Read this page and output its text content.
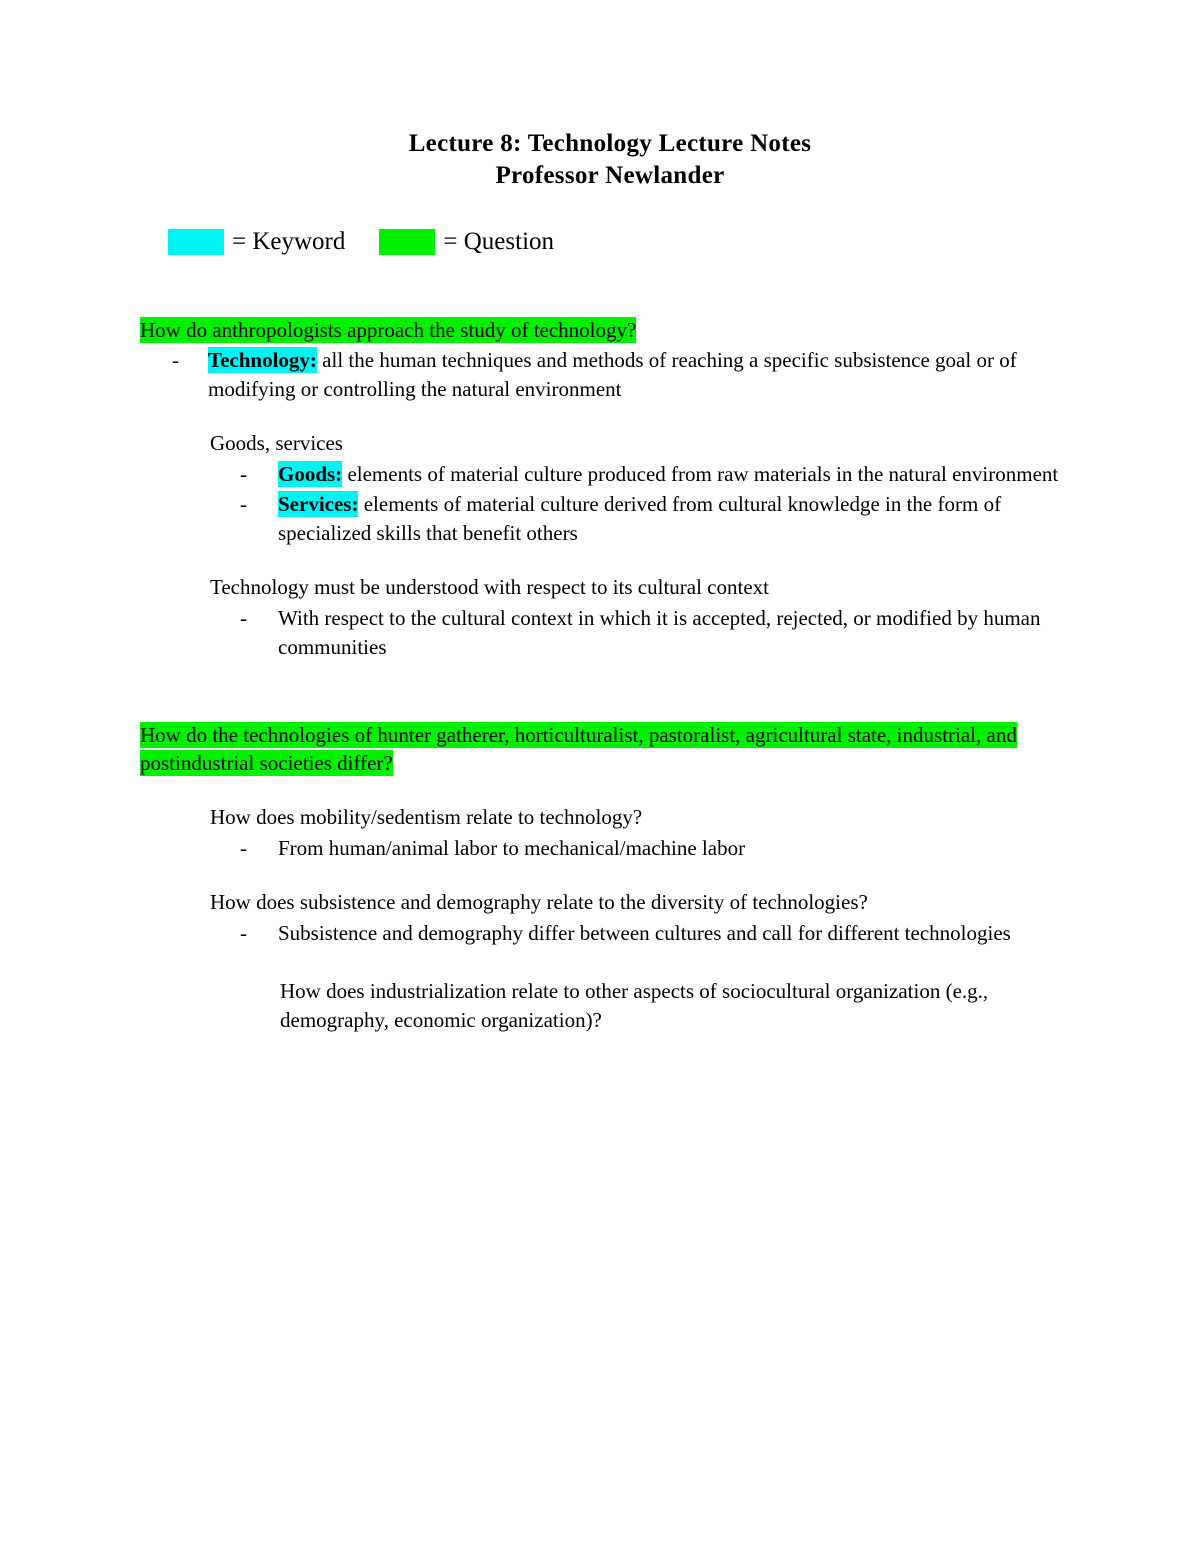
Lecture 8: Technology Lecture Notes
Professor Newlander
= Keyword	= Question
How do anthropologists approach the study of technology?
-	Technology: all the human techniques and methods of reaching a specific subsistence goal or of modifying or controlling the natural environment
Goods, services
-	Goods: elements of material culture produced from raw materials in the natural environment
-	Services: elements of material culture derived from cultural knowledge in the form of specialized skills that benefit others
Technology must be understood with respect to its cultural context
-	With respect to the cultural context in which it is accepted, rejected, or modified by human communities
How do the technologies of hunter gatherer, horticulturalist, pastoralist, agricultural state, industrial, and postindustrial societies differ?
How does mobility/sedentism relate to technology?
-	From human/animal labor to mechanical/machine labor
How does subsistence and demography relate to the diversity of technologies?
-	Subsistence and demography differ between cultures and call for different technologies
How does industrialization relate to other aspects of sociocultural organization (e.g., demography, economic organization)?
